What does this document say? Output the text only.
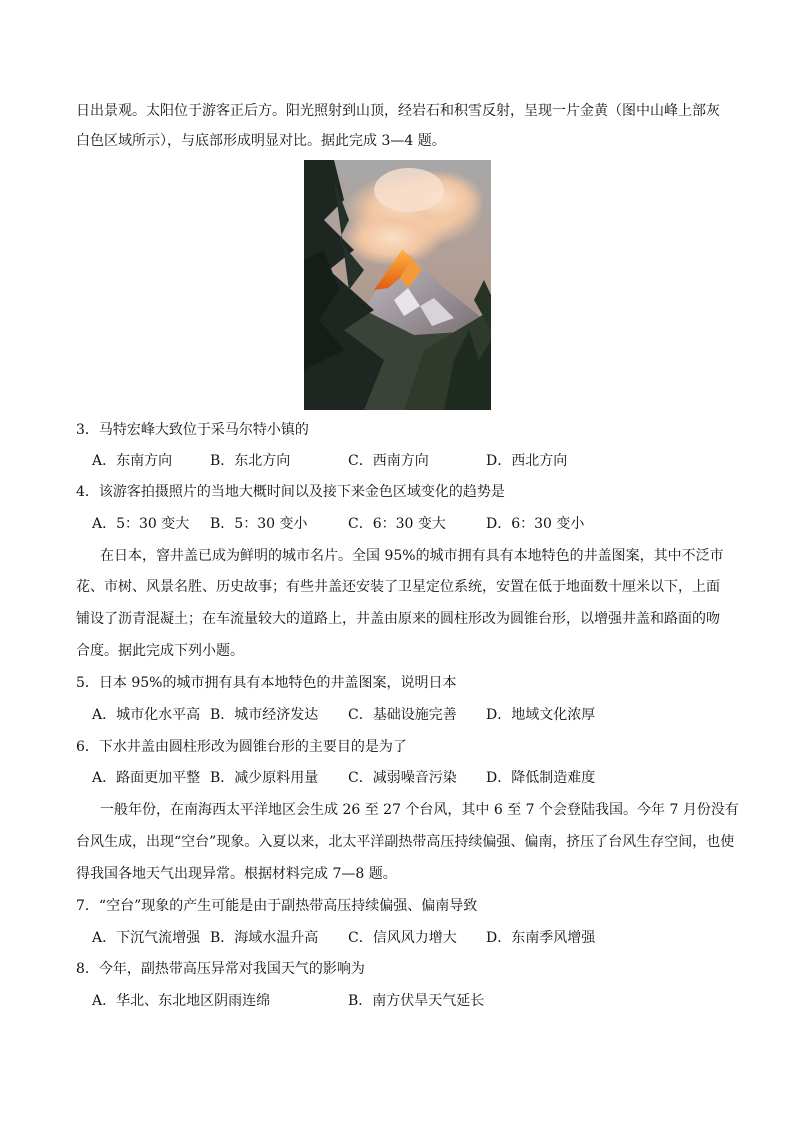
日出景观。太阳位于游客正后方。阳光照射到山顶，经岩石和积雪反射，呈现一片金黄（图中山峰上部灰
白色区域所示），与底部形成明显对比。据此完成 3—4 题。
3．马特宏峰大致位于采马尔特小镇的
A．东南方向	B．东北方向	C．西南方向	D．西北方向
4．该游客拍摄照片的当地大概时间以及接下来金色区域变化的趋势是
A．5：30 变大 B．5：30 变小	C．6：30 变大	D．6：30 变小
在日本，窨井盖已成为鲜明的城市名片。全国 95%的城市拥有具有本地特色的井盖图案，其中不泛市
花、市树、风景名胜、历史故事；有些井盖还安装了卫星定位系统，安置在低于地面数十厘米以下，上面
铺设了沥青混凝土；在车流量较大的道路上，井盖由原来的圆柱形改为圆锥台形，以增强井盖和路面的吻
合度。据此完成下列小题。
5．日本 95%的城市拥有具有本地特色的井盖图案，说明日本
A．城市化水平高 B．城市经济发达 C．基础设施完善 D．地域文化浓厚
6．下水井盖由圆柱形改为圆锥台形的主要目的是为了
A．路面更加平整 B．减少原料用量 C．减弱噪音污染 D．降低制造难度
一般年份，在南海西太平洋地区会生成 26 至 27 个台风，其中 6 至 7 个会登陆我国。今年 7 月份没有
台风生成，出现“空台”现象。入夏以来，北太平洋副热带高压持续偏强、偏南，挤压了台风生存空间，也使
得我国各地天气出现异常。根据材料完成 7—8 题。
7．“空台”现象的产生可能是由于副热带高压持续偏强、偏南导致
A．下沉气流增强 B．海域水温升高 C．信风风力增大 D．东南季风增强
8．今年，副热带高压异常对我国天气的影响为
A．华北、东北地区阴雨连绵	B．南方伏旱天气延长
